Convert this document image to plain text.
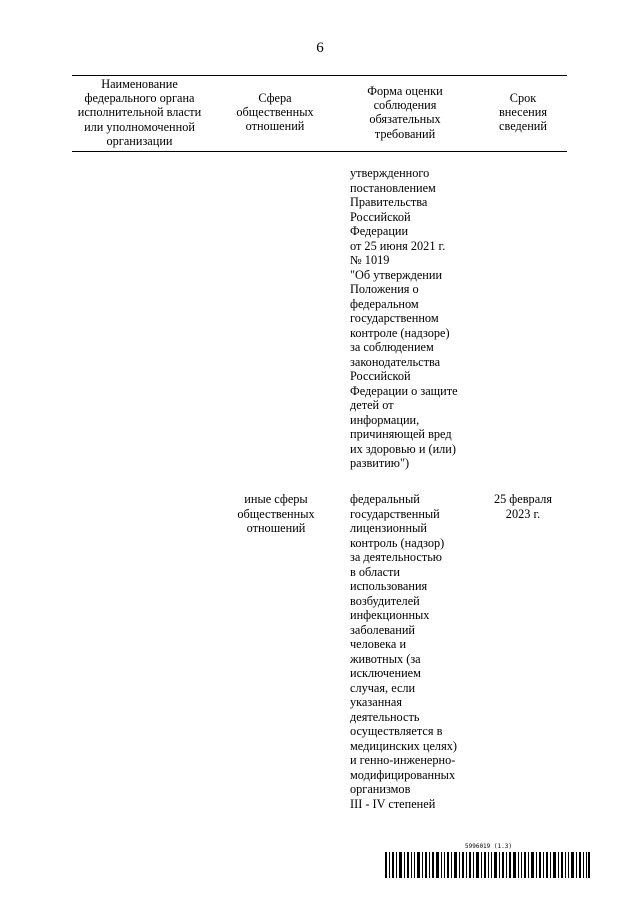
6
Наименование
федерального органа
исполнительной власти
или уполномоченной
организации
Сфера
общественных
отношений
Форма оценки
соблюдения
обязательных
требований
Срок
внесения
сведений
утвержденного
постановлением
Правительства
Российской
Федерации
от 25 июня 2021 г.
№ 1019
"Об утверждении
Положения о
федеральном
государственном
контроле (надзоре)
за соблюдением
законодательства
Российской
Федерации о защите
детей от
информации,
причиняющей вред
их здоровью и (или)
развитию")
иные сферы
общественных
отношений
федеральный
государственный
лицензионный
контроль (надзор)
за деятельностью
в области
использования
возбудителей
инфекционных
заболеваний
человека и
животных (за
исключением
случая, если
указанная
деятельность
осуществляется в
медицинских целях)
и генно-инженерно-
модифицированных
организмов
III - IV степеней
25 февраля
2023 г.
5996019 (1.3)
